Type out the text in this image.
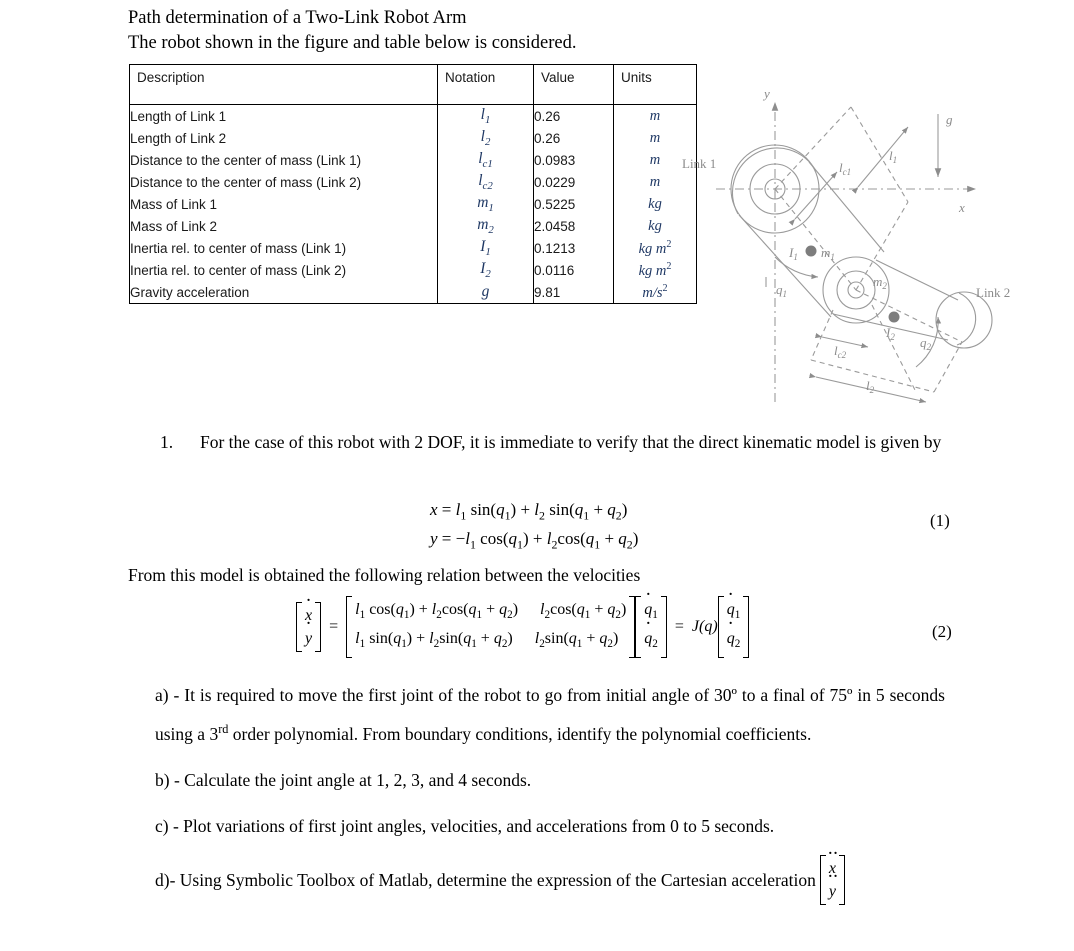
Path determination of a Two-Link Robot Arm
The robot shown in the figure and table below is considered.
Description	Notation	Value	Units
Length of Link 1	$l_1$	0.26	m
Length of Link 2	$l_2$	0.26	m
Distance to the center of mass (Link 1)	$l_{c1}$	0.0983	m
Distance to the center of mass (Link 2)	$l_{c2}$	0.0229	m
Mass of Link 1	$m_1$	0.5225	kg
Mass of Link 2	$m_2$	2.0458	kg
Inertia rel. to center of mass (Link 1)	$I_1$	0.1213	kg $m^2$
Inertia rel. to center of mass (Link 2)	$I_2$	0.0116	kg $m^2$
Gravity acceleration	g	9.81	$m/s^2$
Link 1
Link 2
y
x
g
$l_1$
$l_{c1}$
$l_2$
$l_{c2}$
$I_1$ $m_1$
$m_2$
$I_2$
$q_1$
$q_2$
1. For the case of this robot with 2 DOF, it is immediate to verify that the direct kinematic model is given by
$x = l_1$ $\sin(q_1) + l_2$ $\sin(q_1 + q_2)$
$y = -l_1$ $\cos(q_1) + l_2\cos(q_1 + q_2)$
(1)
From this model is obtained the following relation between the velocities
x ·
y ·
=
$l_1$ $\cos(q_1) + l_2\cos(q_1 + q_2) l_2\cos(q_1 + q_2)$
$l_1$ $\sin(q_1) + l_2\sin(q_1 + q_2) l_2\sin(q_1 + q_2)$
$q \cdot_1$
$q \cdot_2$
= J(q)
$q \cdot_1$
$q \cdot_2$
(2)
a) - It is required to move the first joint of the robot to go from initial angle of 30º to a final of 75º in 5 seconds using a 3rd order polynomial. From boundary conditions, identify the polynomial coefficients.
b) - Calculate the joint angle at 1, 2, 3, and 4 seconds.
c) - Plot variations of first joint angles, velocities, and accelerations from 0 to 5 seconds.
d)- Using Symbolic Toolbox of Matlab, determine the expression of the Cartesian acceleration
x ··
y ··
